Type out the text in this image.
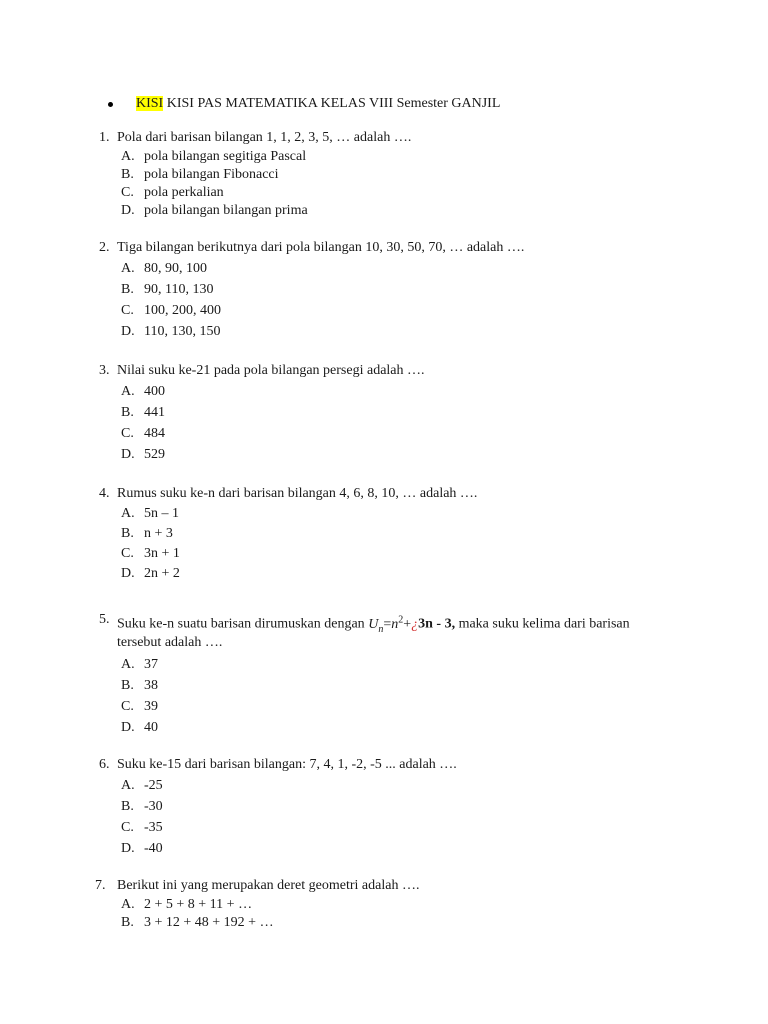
KISI KISI PAS MATEMATIKA KELAS VIII Semester GANJIL
1. Pola dari barisan bilangan 1, 1, 2, 3, 5, … adalah ….
A. pola bilangan segitiga Pascal
B. pola bilangan Fibonacci
C. pola perkalian
D. pola bilangan bilangan prima
2. Tiga bilangan berikutnya dari pola bilangan 10, 30, 50, 70, … adalah ….
A. 80, 90, 100
B. 90, 110, 130
C. 100, 200, 400
D. 110, 130, 150
3. Nilai suku ke-21 pada pola bilangan persegi adalah ….
A. 400
B. 441
C. 484
D. 529
4. Rumus suku ke-n dari barisan bilangan 4, 6, 8, 10, … adalah ….
A. 5n – 1
B. n + 3
C. 3n + 1
D. 2n + 2
5. Suku ke-n suatu barisan dirumuskan dengan $U_n=n^2+¿3n - 3$, maka suku kelima dari barisan
tersebut adalah ….
A. 37
B. 38
C. 39
D. 40
6. Suku ke-15 dari barisan bilangan: 7, 4, 1, -2, -5 ... adalah ….
A. -25
B. -30
C. -35
D. -40
7. Berikut ini yang merupakan deret geometri adalah ….
A. 2 + 5 + 8 + 11 + …
B. 3 + 12 + 48 + 192 + …
